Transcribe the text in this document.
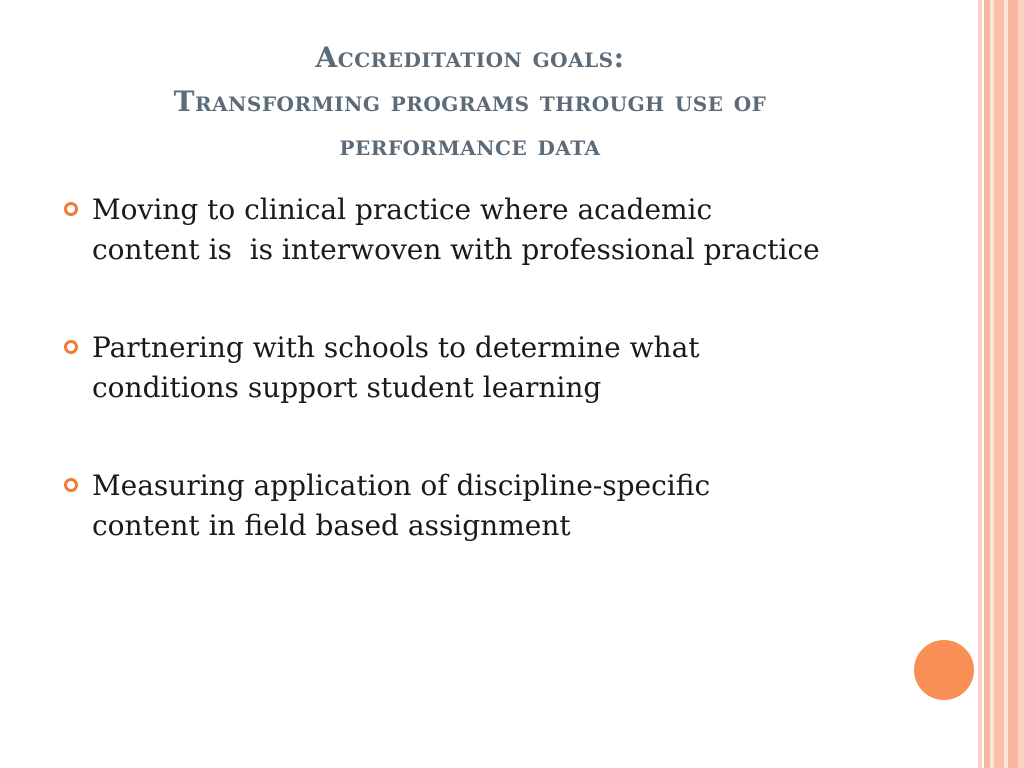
Accreditation goals:
Transforming programs through use of
performance data
Moving to clinical practice where academic content is  is interwoven with professional practice
Partnering with schools to determine what conditions support student learning
Measuring application of discipline-specific content in field based assignment
